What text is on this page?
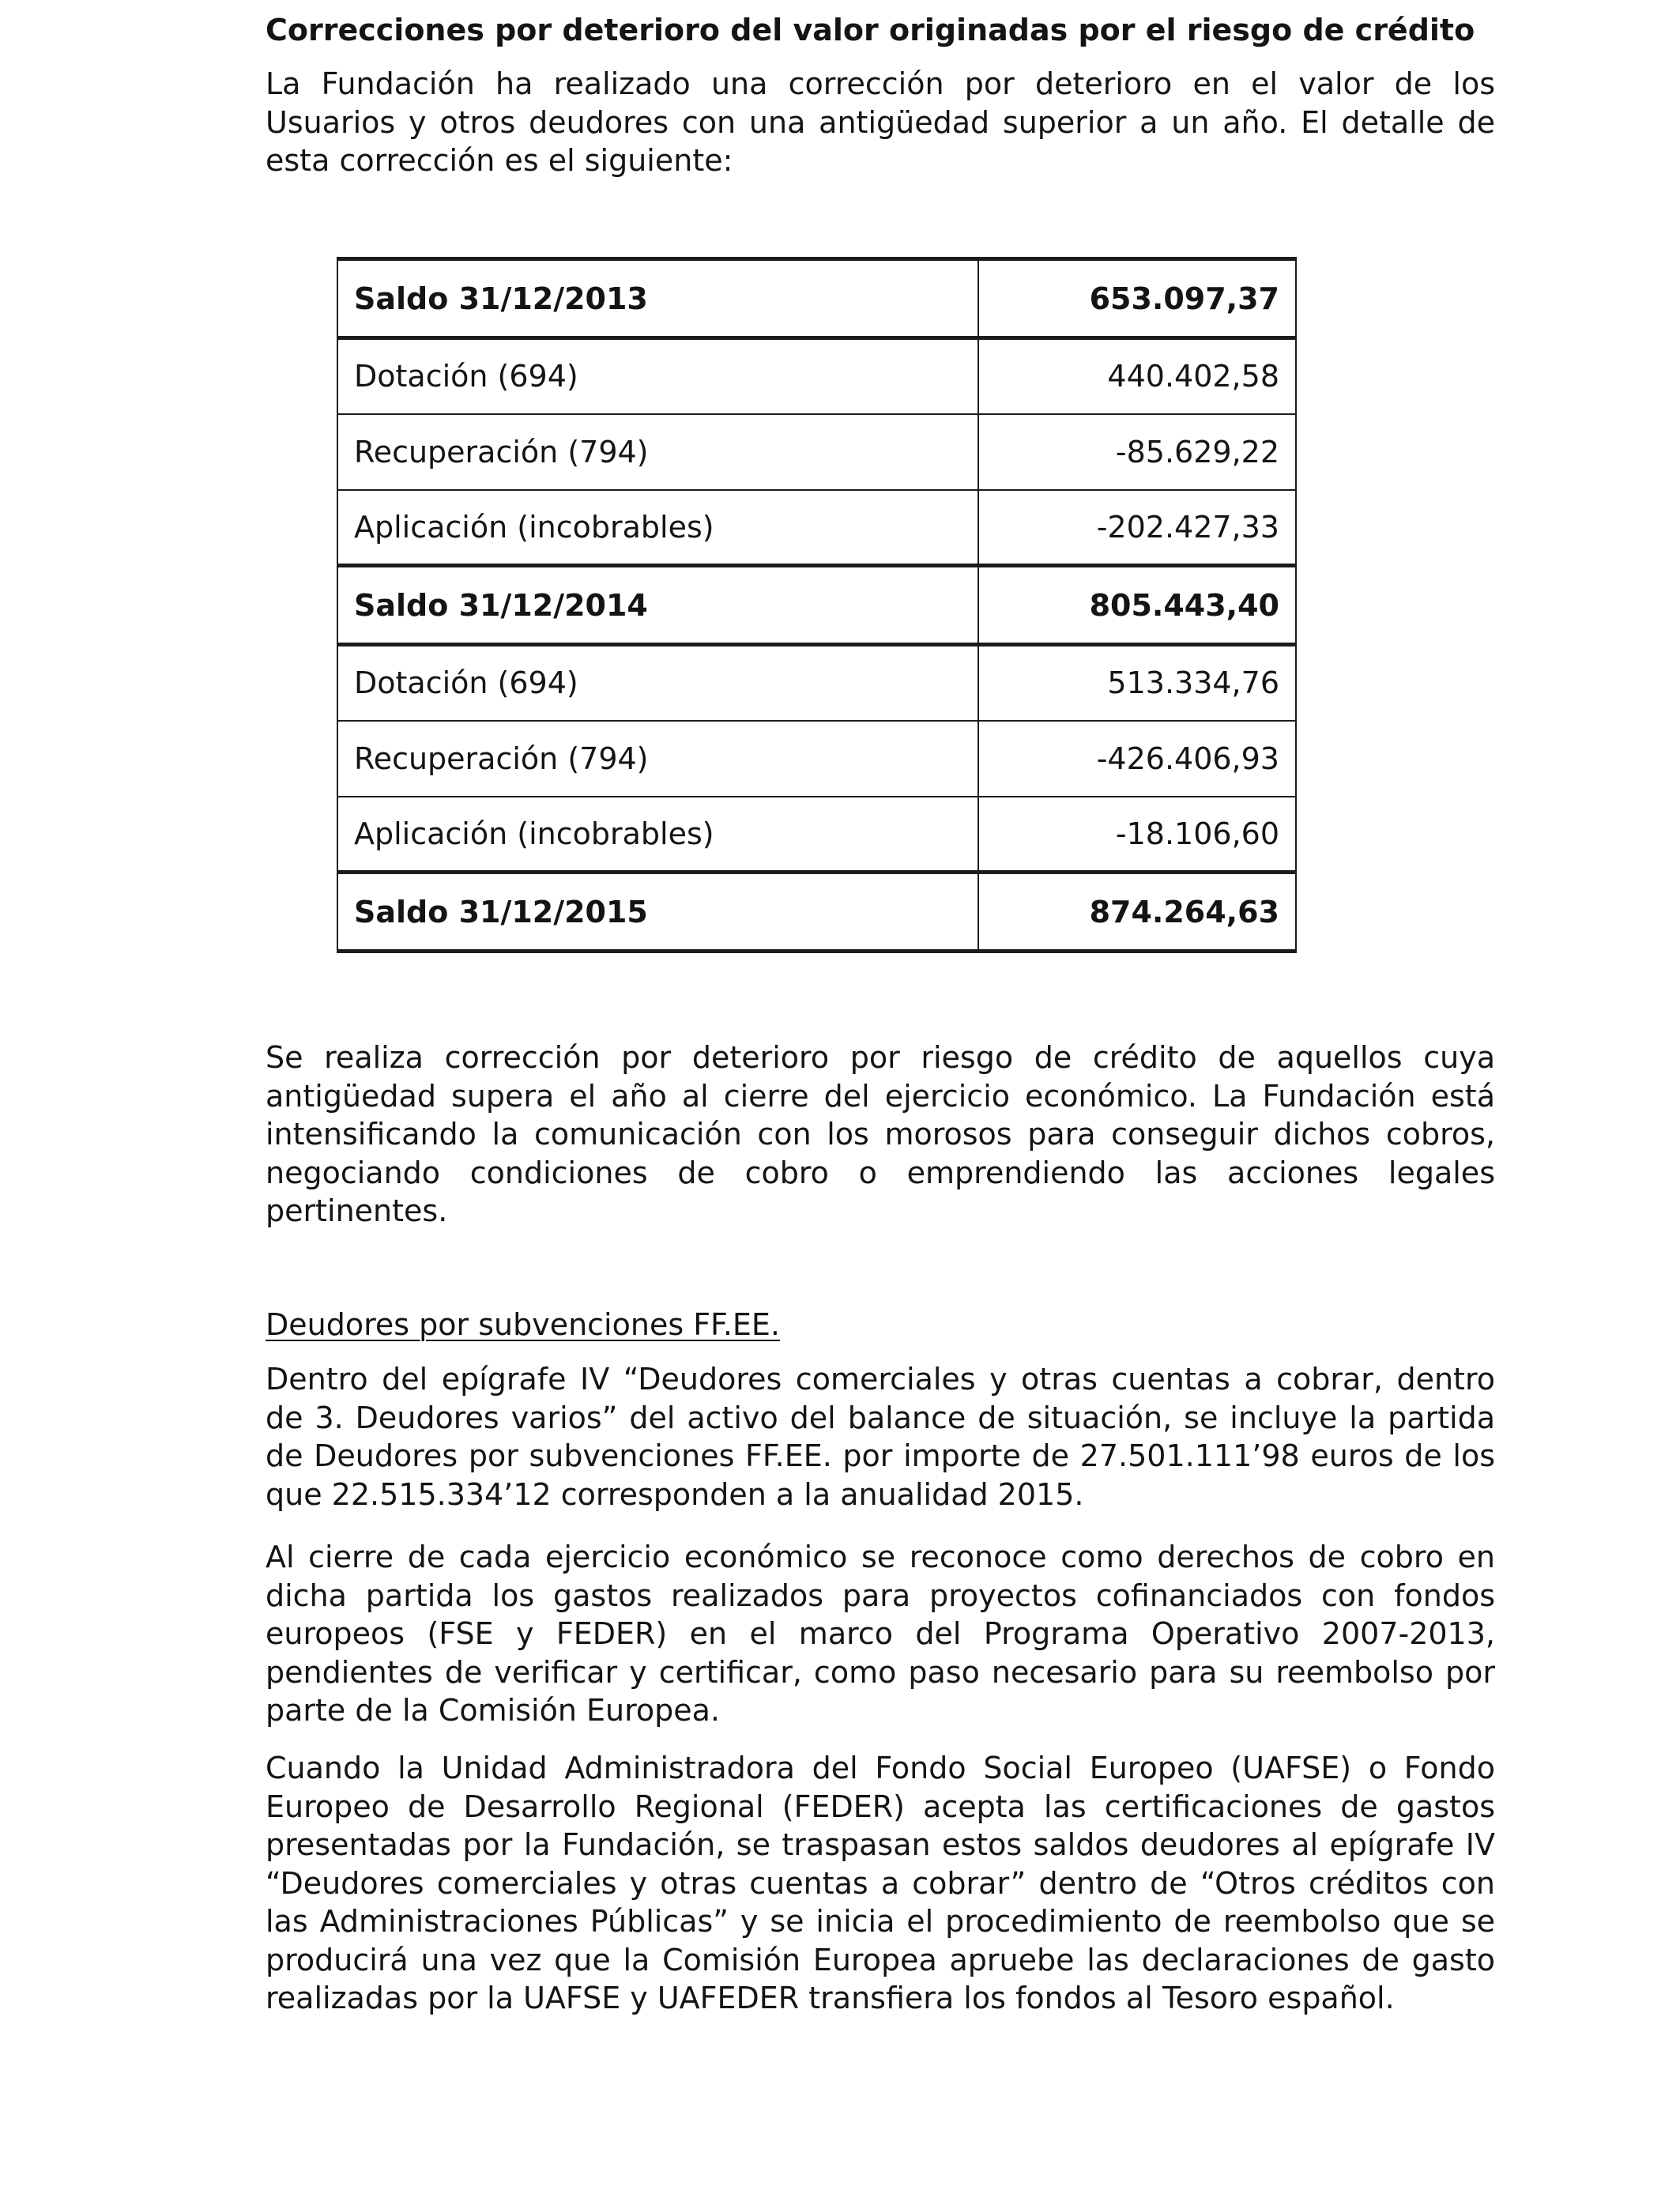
Correcciones por deterioro del valor originadas por el riesgo de crédito
La Fundación ha realizado una corrección por deterioro en el valor de los Usuarios y otros deudores con una antigüedad superior a un año. El detalle de esta corrección es el siguiente:
Saldo 31/12/2013	653.097,37
Dotación (694)	440.402,58
Recuperación (794)	-85.629,22
Aplicación (incobrables)	-202.427,33
Saldo 31/12/2014	805.443,40
Dotación (694)	513.334,76
Recuperación (794)	-426.406,93
Aplicación (incobrables)	-18.106,60
Saldo 31/12/2015	874.264,63
Se realiza corrección por deterioro por riesgo de crédito de aquellos cuya antigüedad supera el año al cierre del ejercicio económico. La Fundación está intensificando la comunicación con los morosos para conseguir dichos cobros, negociando condiciones de cobro o emprendiendo las acciones legales pertinentes.
Deudores por subvenciones FF.EE.
Dentro del epígrafe IV “Deudores comerciales y otras cuentas a cobrar, dentro de 3. Deudores varios” del activo del balance de situación, se incluye la partida de Deudores por subvenciones FF.EE. por importe de 27.501.111’98 euros de los que 22.515.334’12 corresponden a la anualidad 2015.
Al cierre de cada ejercicio económico se reconoce como derechos de cobro en dicha partida los gastos realizados para proyectos cofinanciados con fondos europeos (FSE y FEDER) en el marco del Programa Operativo 2007-2013, pendientes de verificar y certificar, como paso necesario para su reembolso por parte de la Comisión Europea.
Cuando la Unidad Administradora del Fondo Social Europeo (UAFSE) o Fondo Europeo de Desarrollo Regional (FEDER) acepta las certificaciones de gastos presentadas por la Fundación, se traspasan estos saldos deudores al epígrafe IV “Deudores comerciales y otras cuentas a cobrar” dentro de “Otros créditos con las Administraciones Públicas” y se inicia el procedimiento de reembolso que se producirá una vez que la Comisión Europea apruebe las declaraciones de gasto realizadas por la UAFSE y UAFEDER transfiera los fondos al Tesoro español.
